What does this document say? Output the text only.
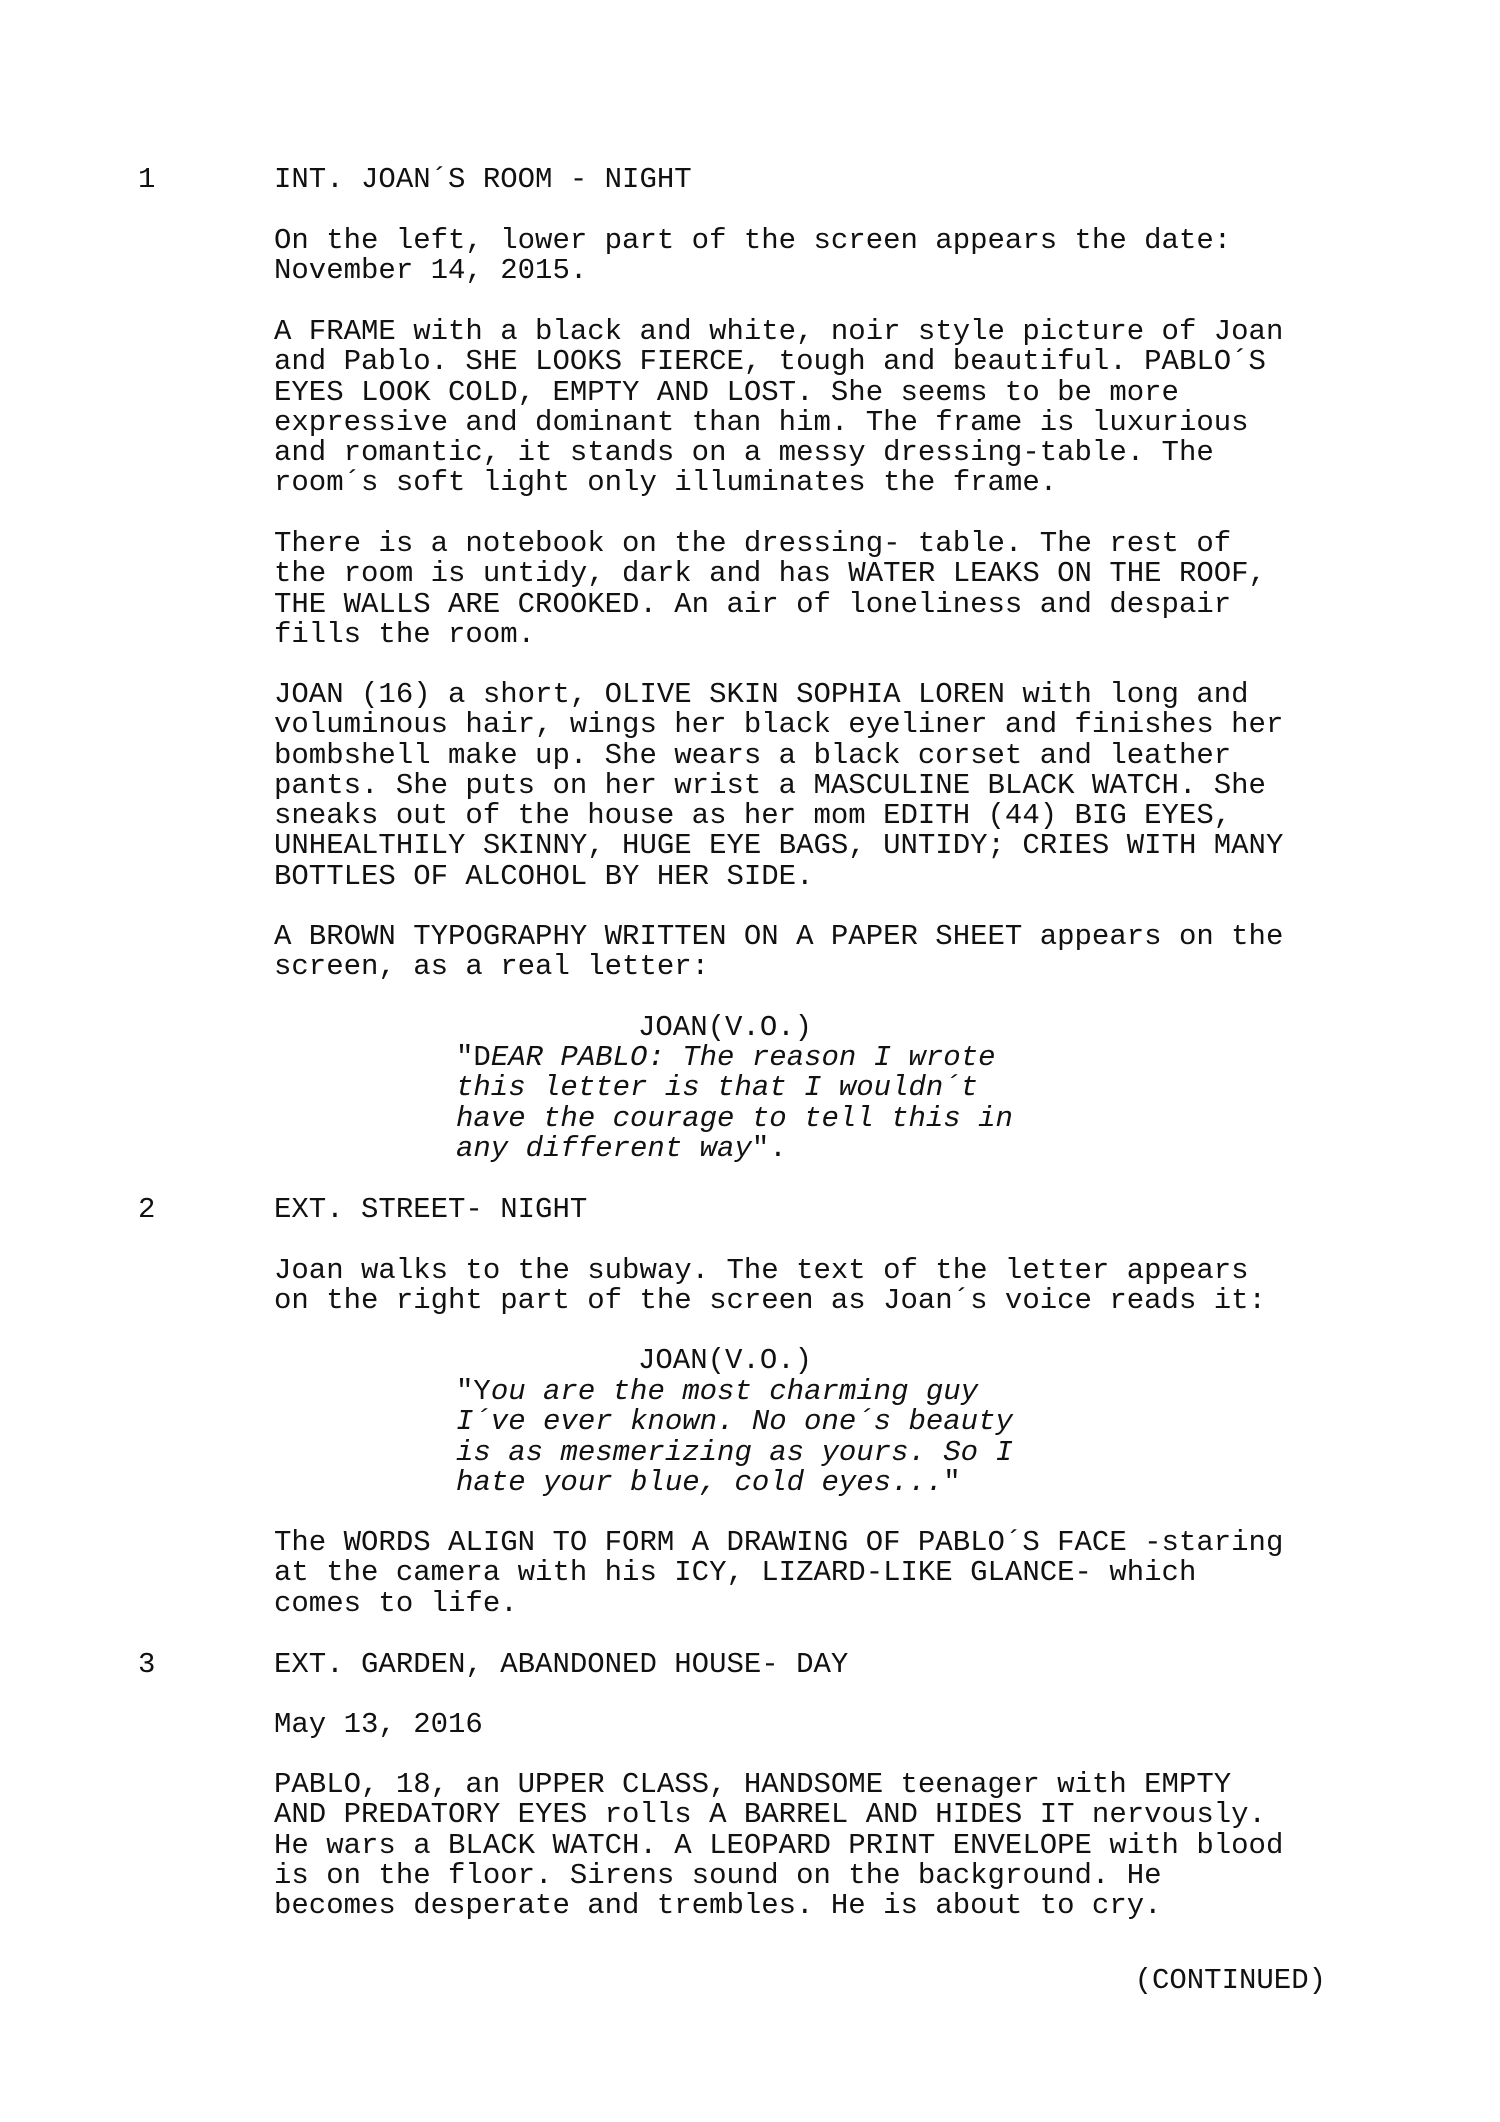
1	INT. JOAN´S ROOM - NIGHT
On the left, lower part of the screen appears the date:
November 14, 2015.
A FRAME with a black and white, noir style picture of Joan
and Pablo. SHE LOOKS FIERCE, tough and beautiful. PABLO´S
EYES LOOK COLD, EMPTY AND LOST. She seems to be more
expressive and dominant than him. The frame is luxurious
and romantic, it stands on a messy dressing-table. The
room´s soft light only illuminates the frame.
There is a notebook on the dressing- table. The rest of
the room is untidy, dark and has WATER LEAKS ON THE ROOF,
THE WALLS ARE CROOKED. An air of loneliness and despair
fills the room.
JOAN (16) a short, OLIVE SKIN SOPHIA LOREN with long and
voluminous hair, wings her black eyeliner and finishes her
bombshell make up. She wears a black corset and leather
pants. She puts on her wrist a MASCULINE BLACK WATCH. She
sneaks out of the house as her mom EDITH (44) BIG EYES,
UNHEALTHILY SKINNY, HUGE EYE BAGS, UNTIDY; CRIES WITH MANY
BOTTLES OF ALCOHOL BY HER SIDE.
A BROWN TYPOGRAPHY WRITTEN ON A PAPER SHEET appears on the
screen, as a real letter:
JOAN(V.O.)
"DEAR PABLO: The reason I wrote
this letter is that I wouldn´t
have the courage to tell this in
any different way".
2	EXT. STREET- NIGHT
Joan walks to the subway. The text of the letter appears
on the right part of the screen as Joan´s voice reads it:
JOAN(V.O.)
"You are the most charming guy
I´ve ever known. No one´s beauty
is as mesmerizing as yours. So I
hate your blue, cold eyes..."
The WORDS ALIGN TO FORM A DRAWING OF PABLO´S FACE -staring
at the camera with his ICY, LIZARD-LIKE GLANCE- which
comes to life.
3	EXT. GARDEN, ABANDONED HOUSE- DAY
May 13, 2016
PABLO, 18, an UPPER CLASS, HANDSOME teenager with EMPTY
AND PREDATORY EYES rolls A BARREL AND HIDES IT nervously.
He wars a BLACK WATCH. A LEOPARD PRINT ENVELOPE with blood
is on the floor. Sirens sound on the background. He
becomes desperate and trembles. He is about to cry.
(CONTINUED)
